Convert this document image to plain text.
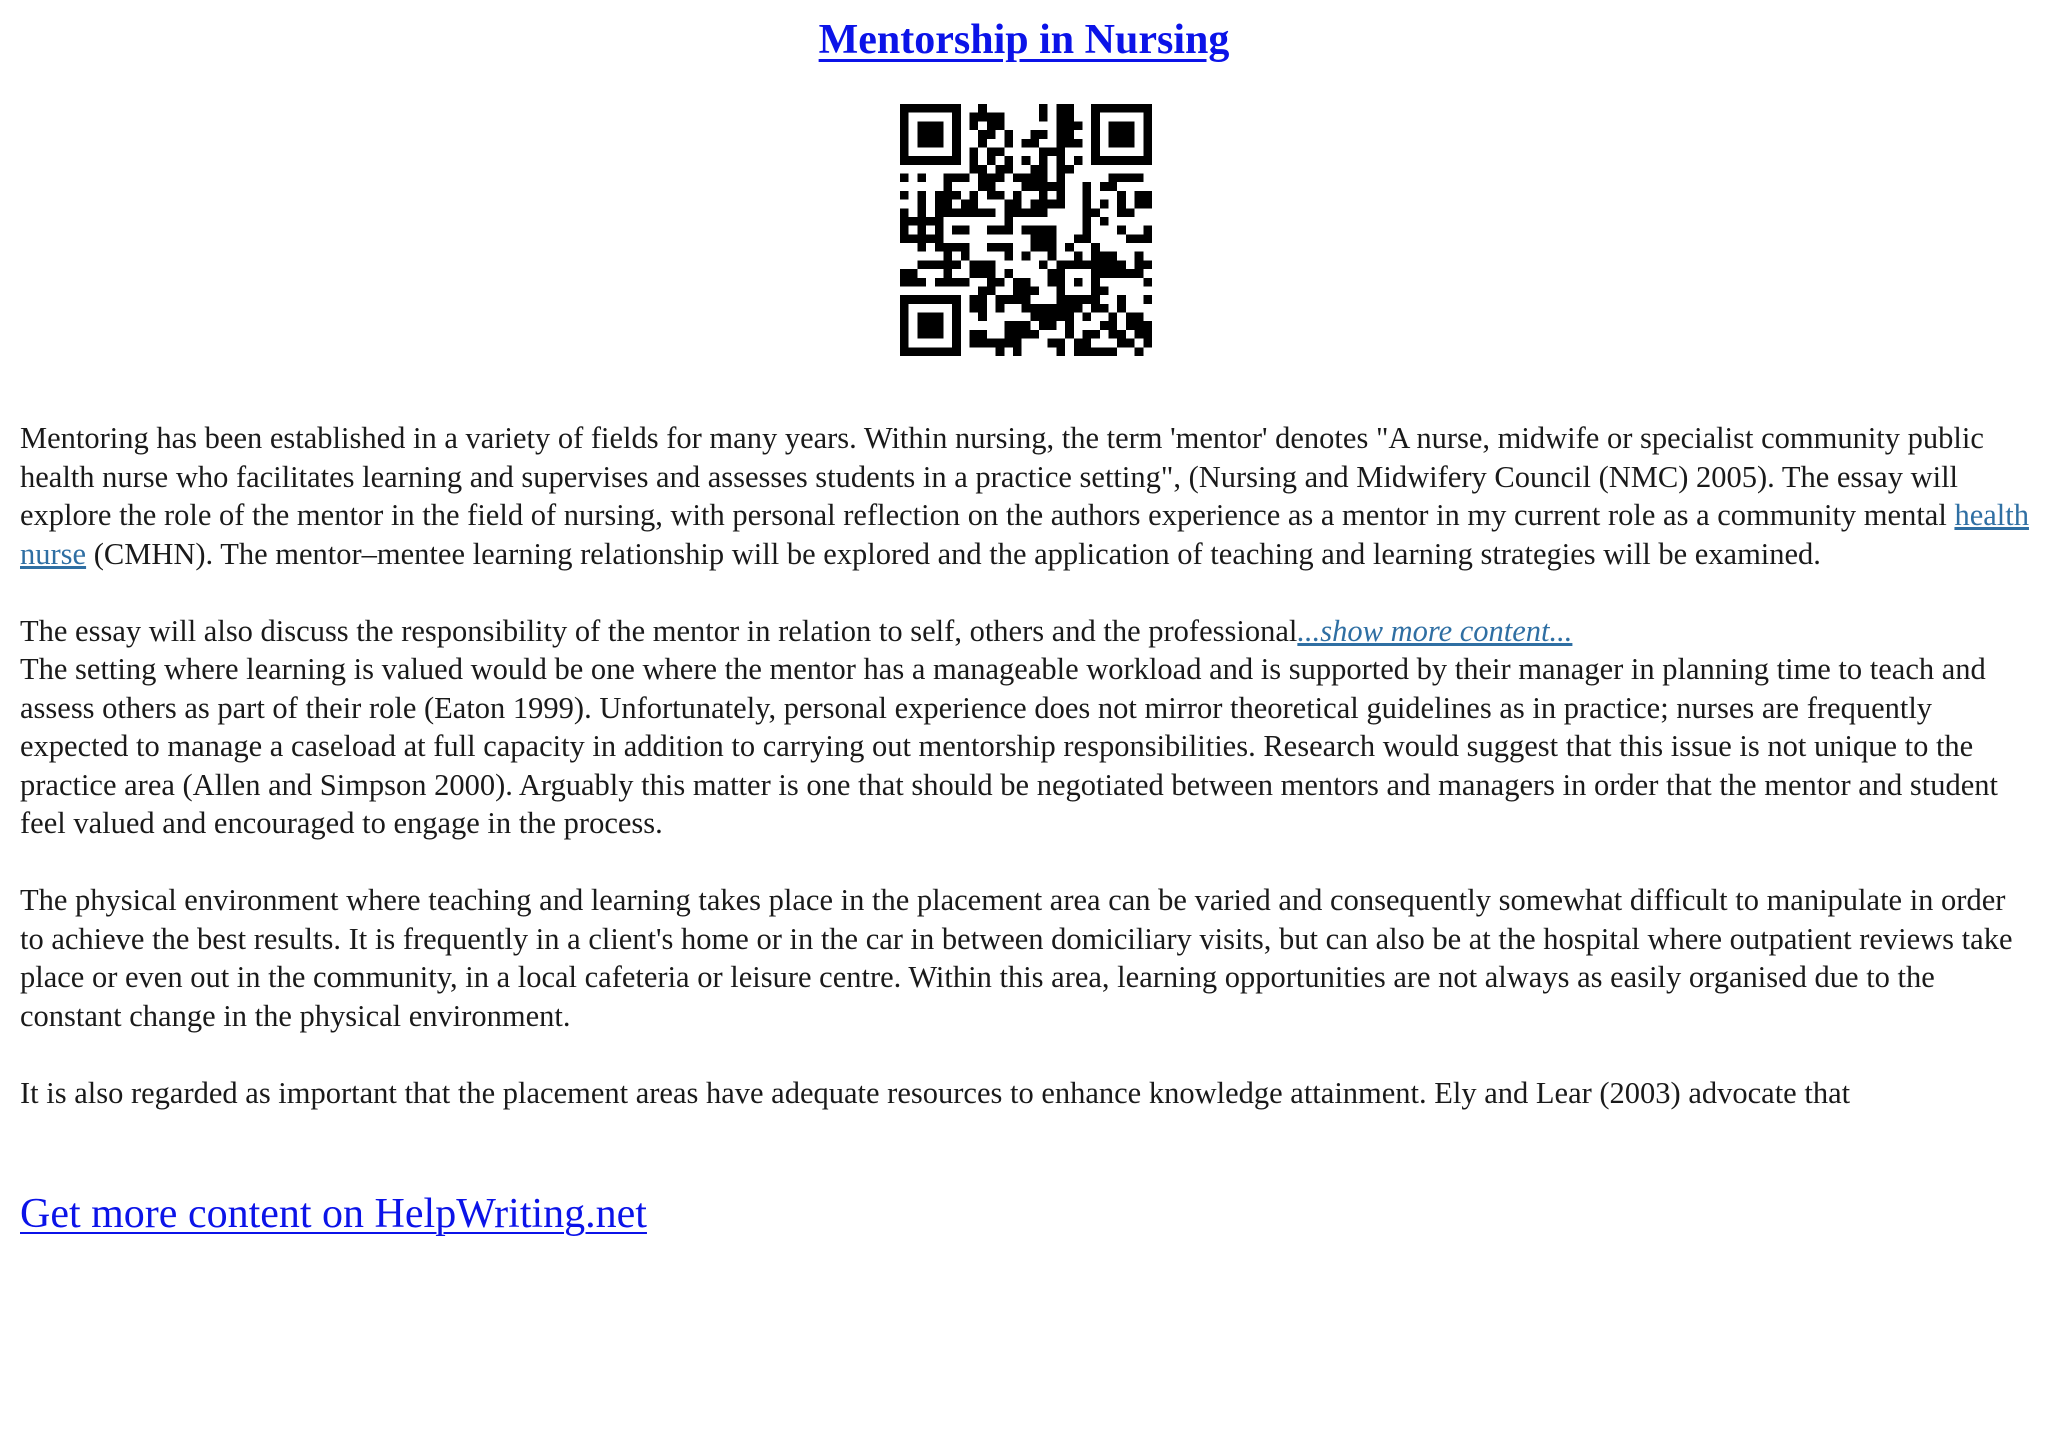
Mentorship in Nursing

Mentoring has been established in a variety of fields for many years. Within nursing, the term 'mentor' denotes "A nurse, midwife or specialist community public health nurse who facilitates learning and supervises and assesses students in a practice setting", (Nursing and Midwifery Council (NMC) 2005). The essay will explore the role of the mentor in the field of nursing, with personal reflection on the authors experience as a mentor in my current role as a community mental health nurse (CMHN). The mentor–mentee learning relationship will be explored and the application of teaching and learning strategies will be examined.

The essay will also discuss the responsibility of the mentor in relation to self, others and the professional...show more content...

The setting where learning is valued would be one where the mentor has a manageable workload and is supported by their manager in planning time to teach and assess others as part of their role (Eaton 1999). Unfortunately, personal experience does not mirror theoretical guidelines as in practice; nurses are frequently expected to manage a caseload at full capacity in addition to carrying out mentorship responsibilities. Research would suggest that this issue is not unique to the practice area (Allen and Simpson 2000). Arguably this matter is one that should be negotiated between mentors and managers in order that the mentor and student feel valued and encouraged to engage in the process.

The physical environment where teaching and learning takes place in the placement area can be varied and consequently somewhat difficult to manipulate in order to achieve the best results. It is frequently in a client's home or in the car in between domiciliary visits, but can also be at the hospital where outpatient reviews take place or even out in the community, in a local cafeteria or leisure centre. Within this area, learning opportunities are not always as easily organised due to the constant change in the physical environment.

It is also regarded as important that the placement areas have adequate resources to enhance knowledge attainment. Ely and Lear (2003) advocate that

Get more content on HelpWriting.net
